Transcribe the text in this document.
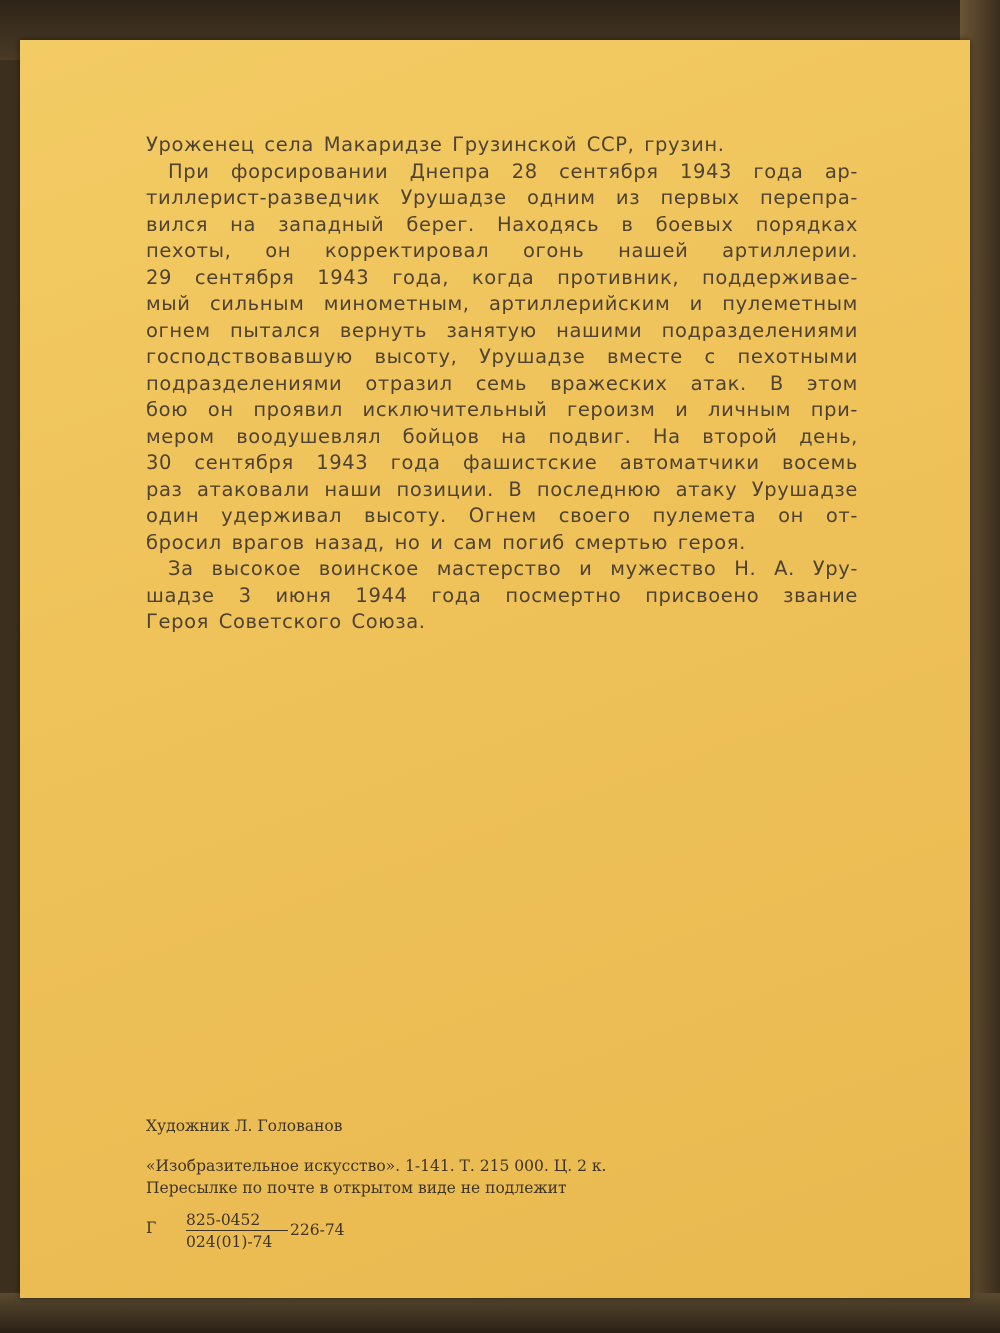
Уроженец села Макаридзе Грузинской ССР, грузин.
При форсировании Днепра 28 сентября 1943 года ар-
тиллерист-разведчик Урушадзе одним из первых перепра-
вился на западный берег. Находясь в боевых порядках
пехоты, он корректировал огонь нашей артиллерии.
29 сентября 1943 года, когда противник, поддерживае-
мый сильным минометным, артиллерийским и пулеметным
огнем пытался вернуть занятую нашими подразделениями
господствовавшую высоту, Урушадзе вместе с пехотными
подразделениями отразил семь вражеских атак. В этом
бою он проявил исключительный героизм и личным при-
мером воодушевлял бойцов на подвиг. На второй день,
30 сентября 1943 года фашистские автоматчики восемь
раз атаковали наши позиции. В последнюю атаку Урушадзе
один удерживал высоту. Огнем своего пулемета он от-
бросил врагов назад, но и сам погиб смертью героя.
За высокое воинское мастерство и мужество Н. А. Уру-
шадзе 3 июня 1944 года посмертно присвоено звание
Героя Советского Союза.
Художник Л. Голованов
«Изобразительное искусство». 1-141. Т. 215 000. Ц. 2 к.
Пересылке по почте в открытом виде не подлежит
Г 825-0452
024(01)-74
226-74
